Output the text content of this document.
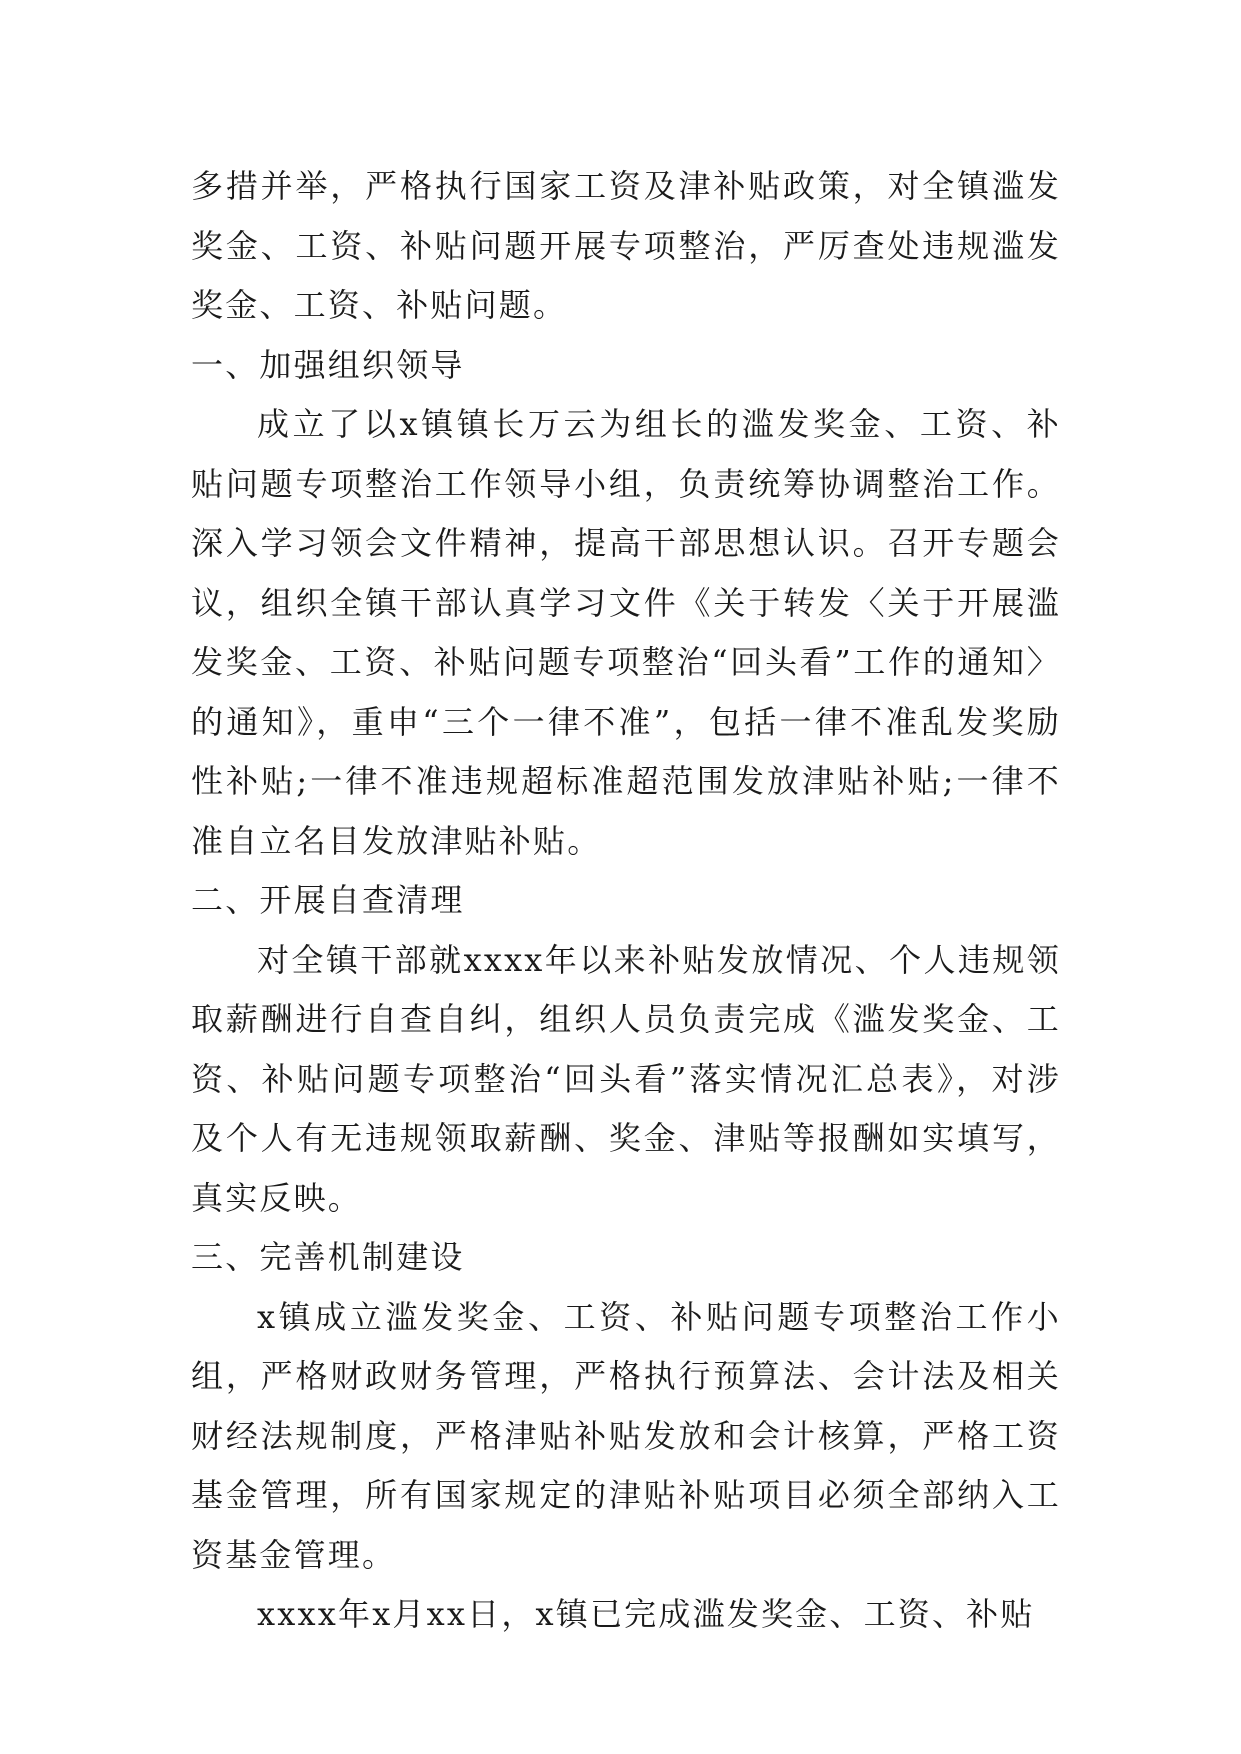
多措并举，严格执行国家工资及津补贴政策，对全镇滥发奖金、工资、补贴问题开展专项整治，严厉查处违规滥发奖金、工资、补贴问题。

一、加强组织领导

成立了以x镇镇长万云为组长的滥发奖金、工资、补贴问题专项整治工作领导小组，负责统筹协调整治工作。深入学习领会文件精神，提高干部思想认识。召开专题会议，组织全镇干部认真学习文件《关于转发〈关于开展滥发奖金、工资、补贴问题专项整治“回头看”工作的通知〉的通知》，重申“三个一律不准”，包括一律不准乱发奖励性补贴;一律不准违规超标准超范围发放津贴补贴;一律不准自立名目发放津贴补贴。

二、开展自查清理

对全镇干部就xxxx年以来补贴发放情况、个人违规领取薪酬进行自查自纠，组织人员负责完成《滥发奖金、工资、补贴问题专项整治“回头看”落实情况汇总表》，对涉及个人有无违规领取薪酬、奖金、津贴等报酬如实填写，真实反映。

三、完善机制建设

x镇成立滥发奖金、工资、补贴问题专项整治工作小组，严格财政财务管理，严格执行预算法、会计法及相关财经法规制度，严格津贴补贴发放和会计核算，严格工资基金管理，所有国家规定的津贴补贴项目必须全部纳入工资基金管理。

xxxx年x月xx日，x镇已完成滥发奖金、工资、补贴
